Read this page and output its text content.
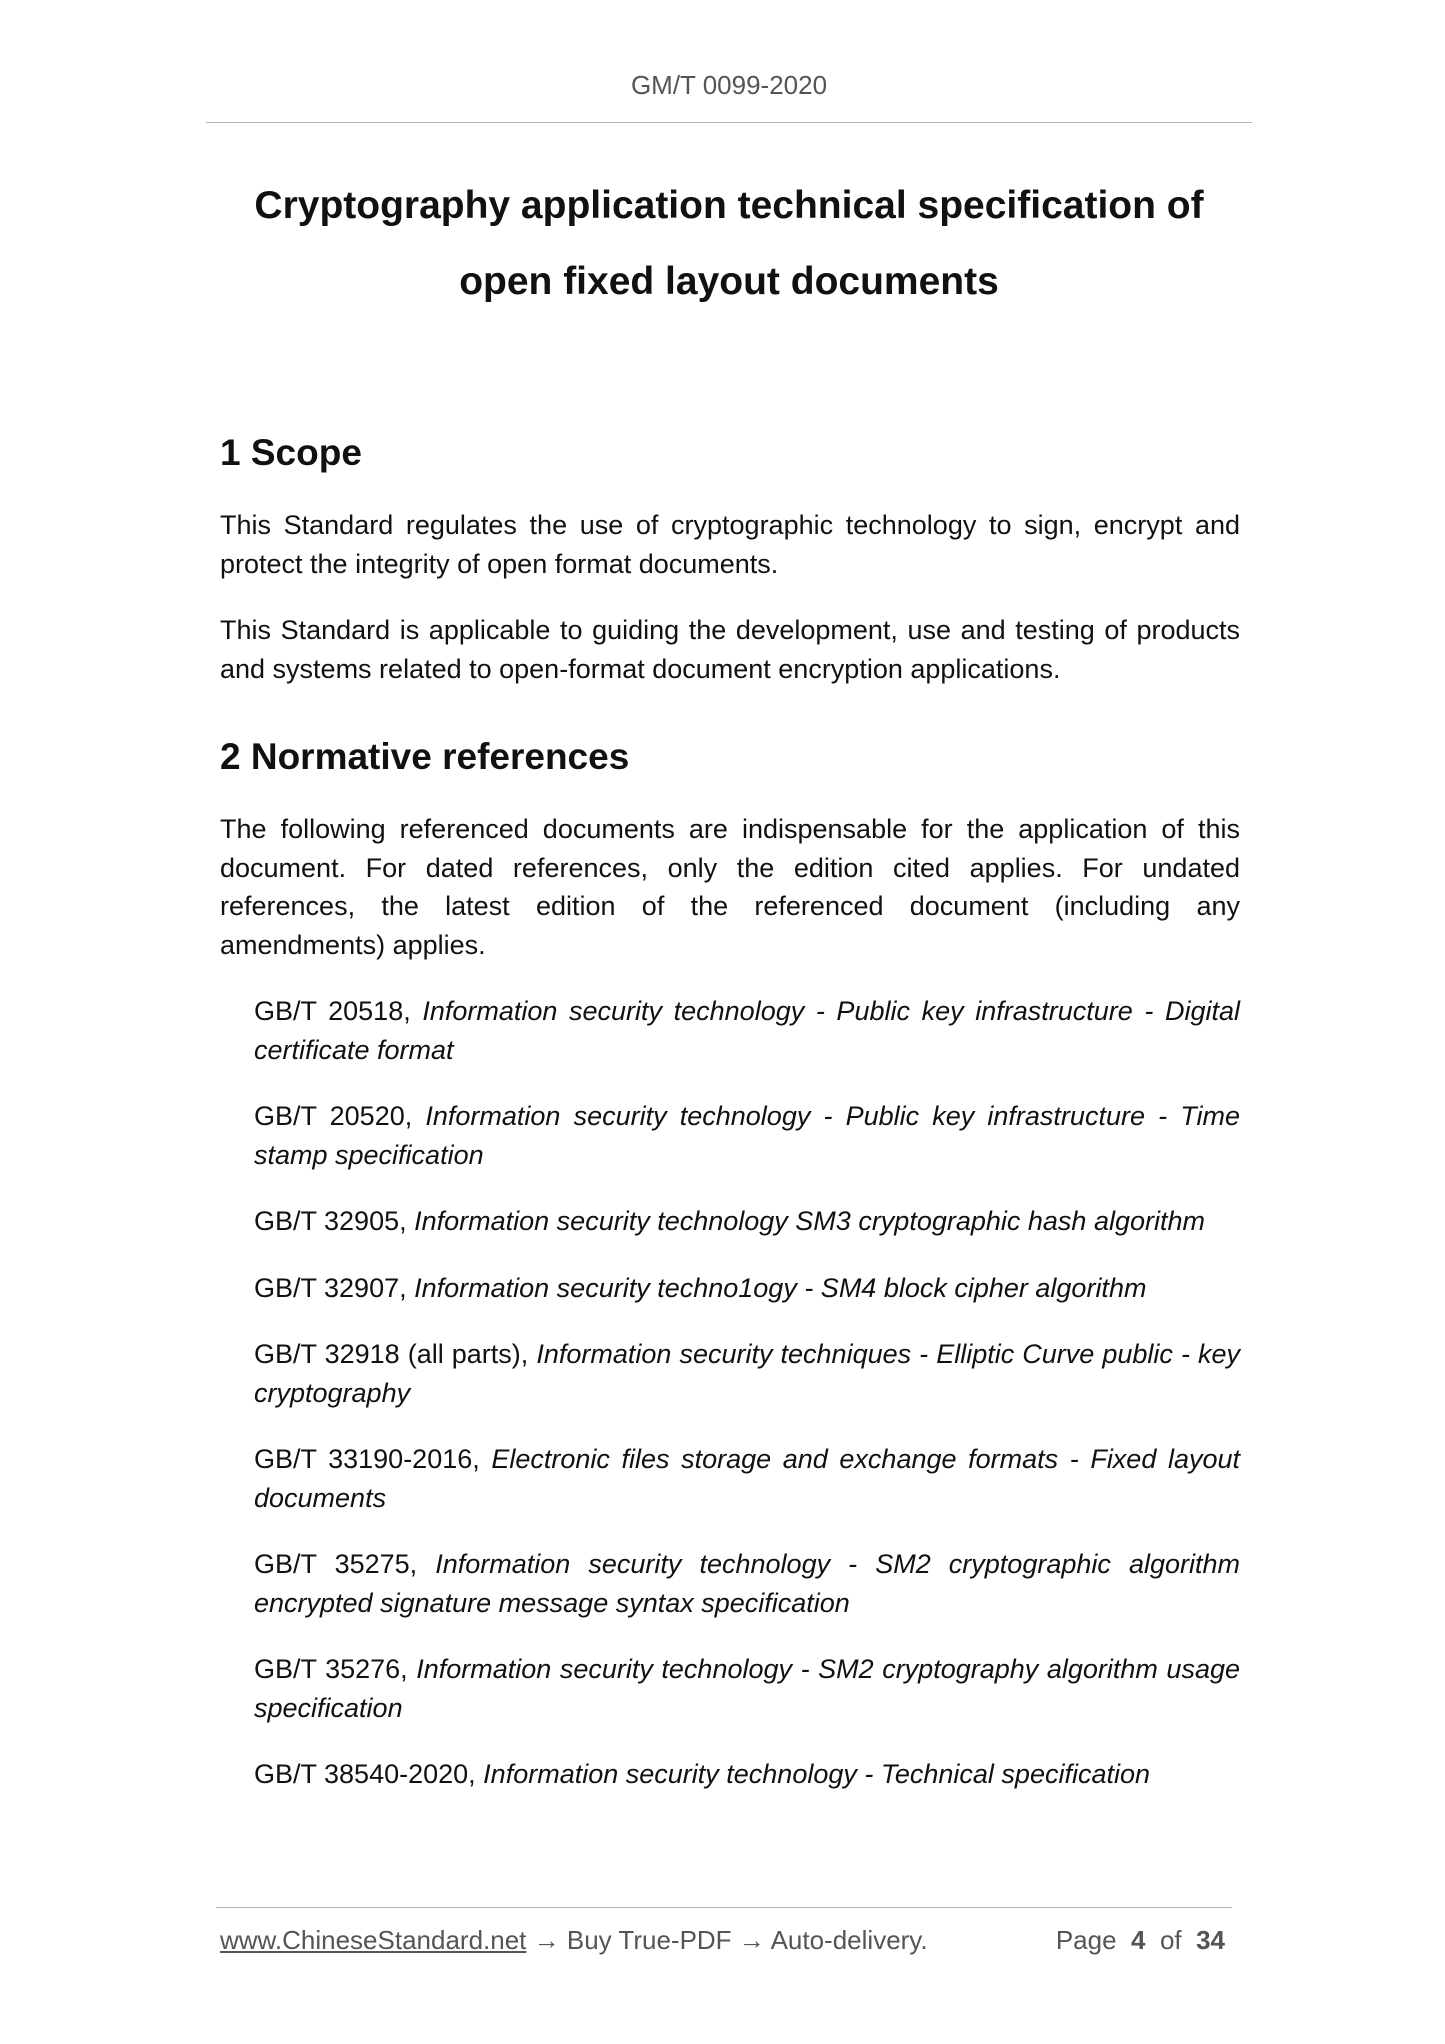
GM/T 0099-2020
Cryptography application technical specification of
open fixed layout documents
1 Scope

This Standard regulates the use of cryptographic technology to sign, encrypt and protect the integrity of open format documents.

This Standard is applicable to guiding the development, use and testing of products and systems related to open-format document encryption applications.

2 Normative references

The following referenced documents are indispensable for the application of this document. For dated references, only the edition cited applies. For undated references, the latest edition of the referenced document (including any amendments) applies.

GB/T 20518, Information security technology - Public key infrastructure - Digital certificate format
GB/T 20520, Information security technology - Public key infrastructure - Time stamp specification
GB/T 32905, Information security technology SM3 cryptographic hash algorithm
GB/T 32907, Information security techno1ogy - SM4 block cipher algorithm
GB/T 32918 (all parts), Information security techniques - Elliptic Curve public - key cryptography
GB/T 33190-2016, Electronic files storage and exchange formats - Fixed layout documents
GB/T 35275, Information security technology - SM2 cryptographic algorithm encrypted signature message syntax specification
GB/T 35276, Information security technology - SM2 cryptography algorithm usage specification
GB/T 38540-2020, Information security technology - Technical specification
www.ChineseStandard.net → Buy True-PDF → Auto-delivery.	Page 4 of 34
